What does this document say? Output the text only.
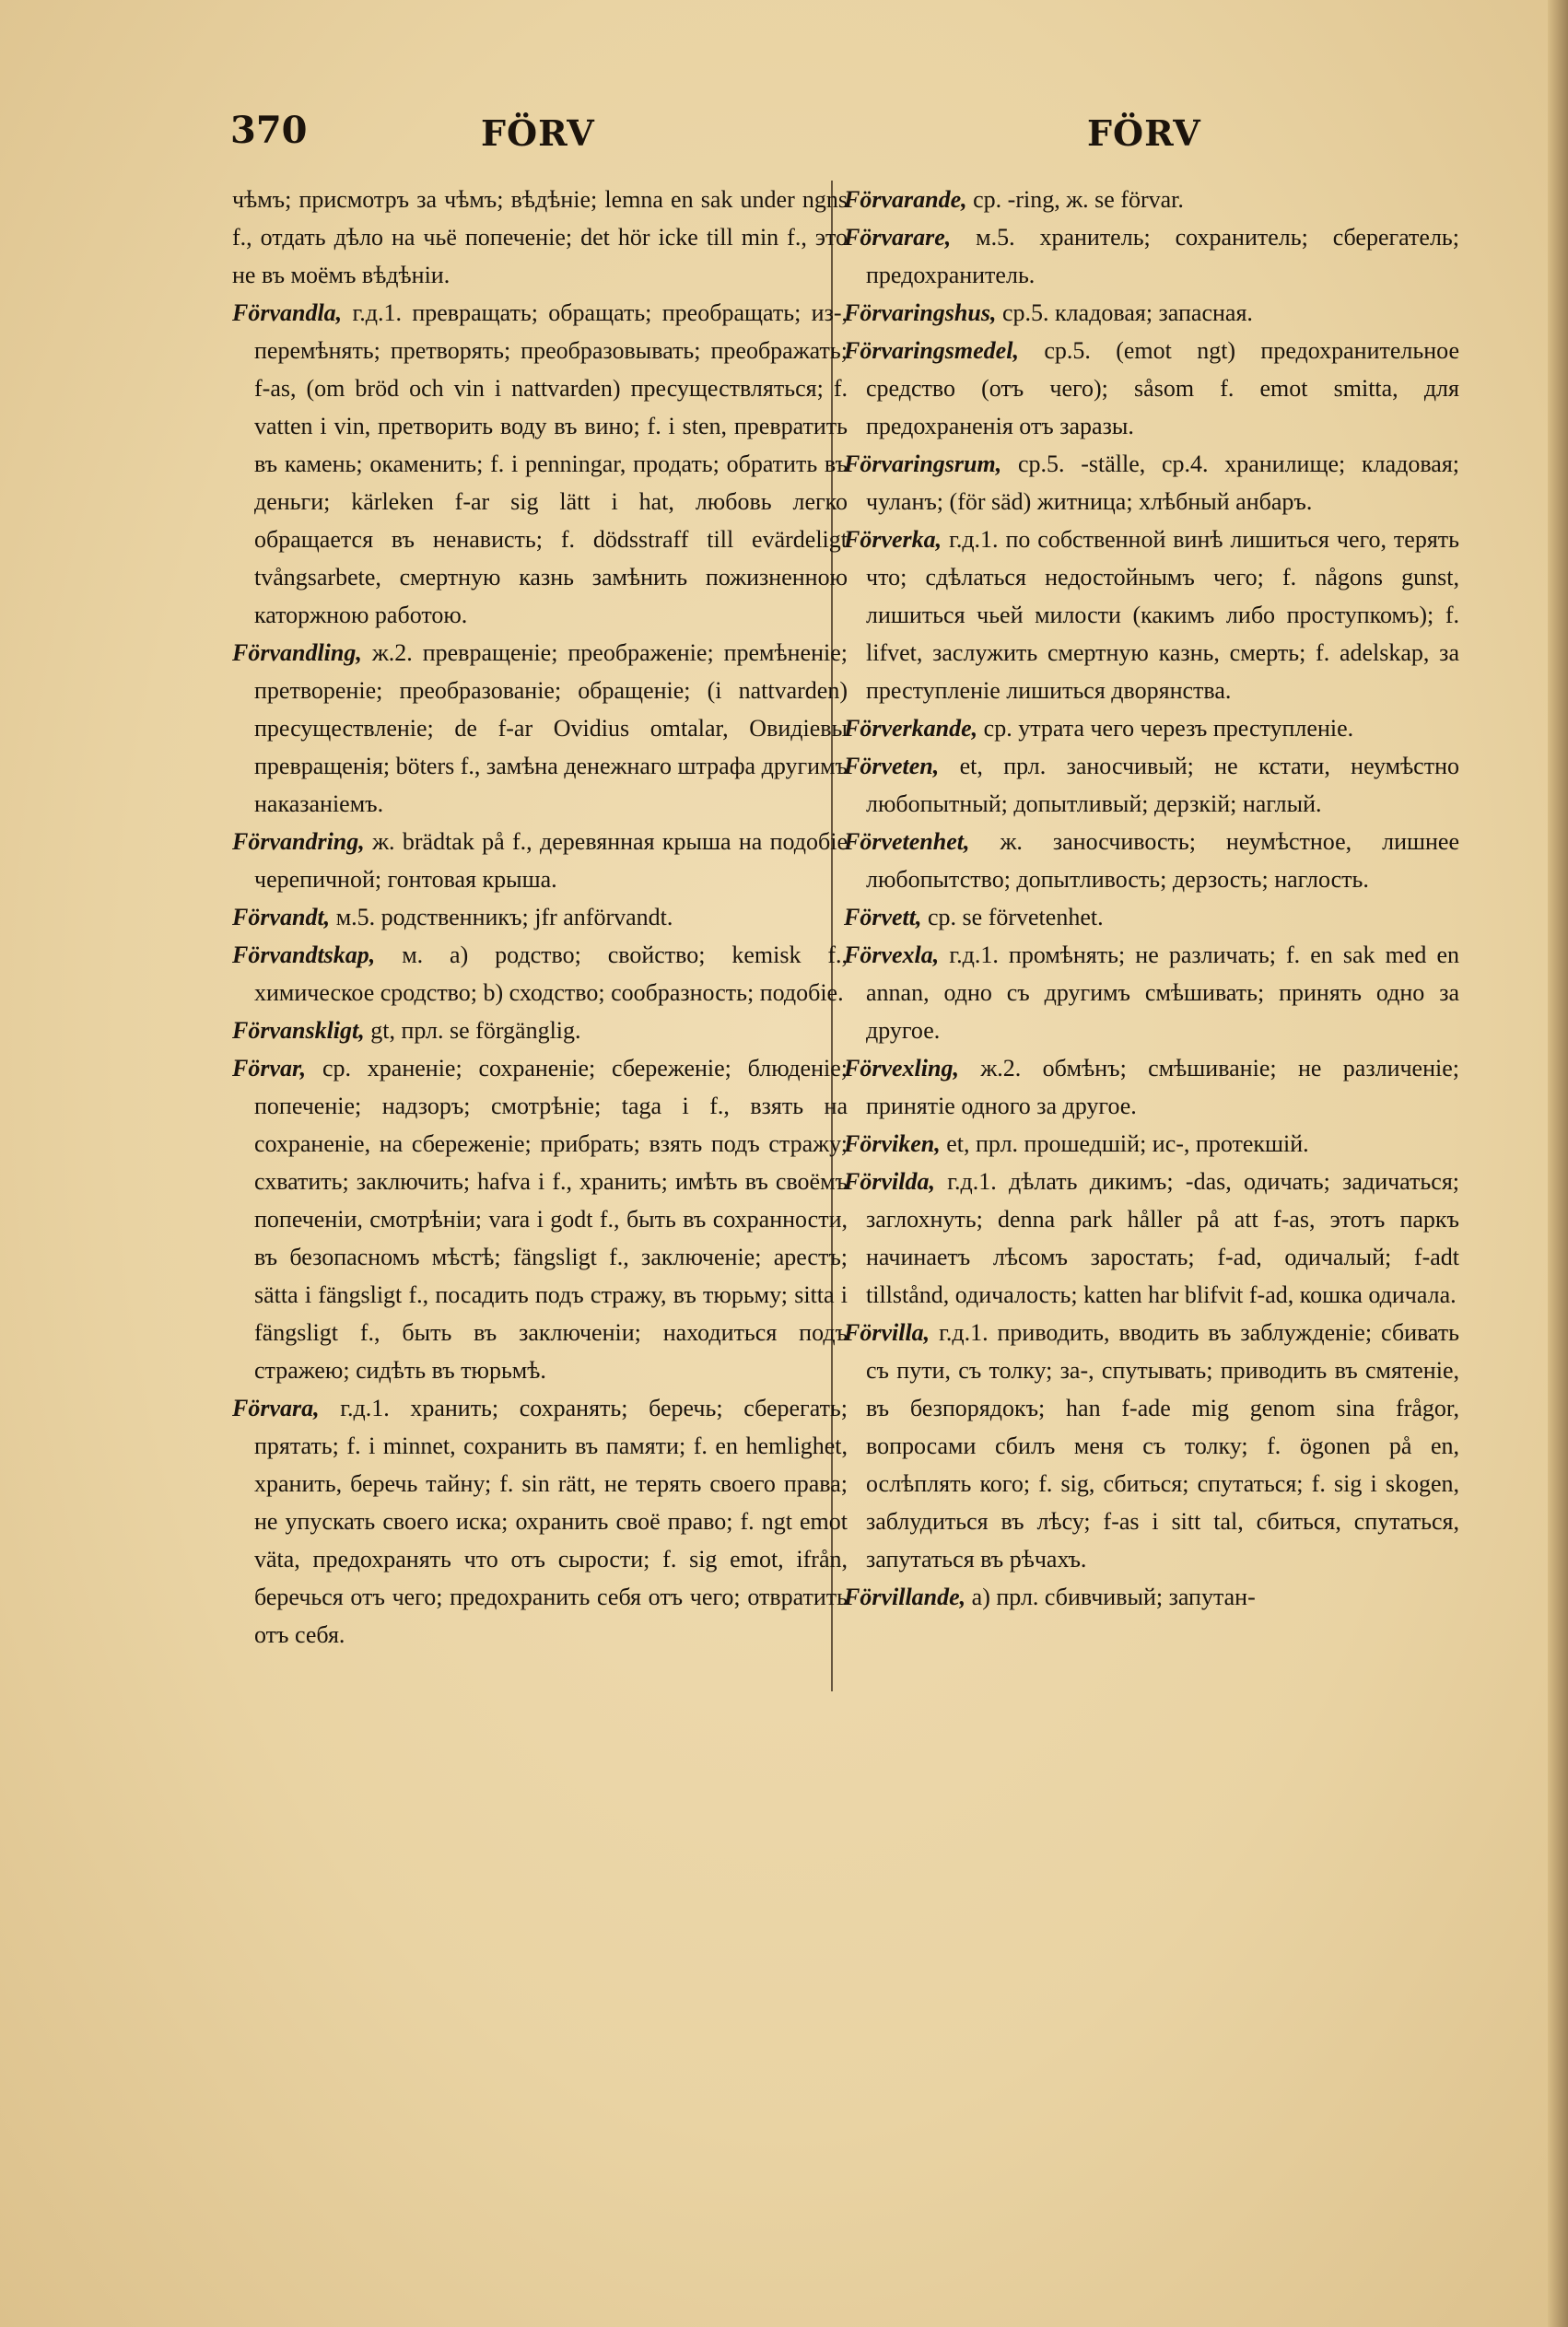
370	FÖRV	FÖRV

чѣмъ; присмотръ за чѣмъ; вѣдѣніе; lemna en sak under ngns f., отдать дѣло на чьё попеченіе; det hör icke till min f., это не въ моёмъ вѣдѣніи.

Förvandla, г.д.1. превращать; обращать; преобращать; из-, перемѣнять; претворять; преобразовывать; преображать; f-as, (om bröd och vin i nattvarden) пресуществляться; f. vatten i vin, претворить воду въ вино; f. i sten, превратить въ камень; окаменить; f. i penningar, продать; обратить въ деньги; kärleken f-ar sig lätt i hat, любовь легко обращается въ ненависть; f. dödsstraff till evärdeligt tvångsarbete, смертную казнь замѣнить пожизненною каторжною работою.

Förvandling, ж.2. превращеніе; преображеніе; премѣненіе; претвореніе; преобразованіе; обращеніе; (i nattvarden) пресуществленіе; de f-ar Ovidius omtalar, Овидіевы превращенія; böters f., замѣна денежнаго штрафа другимъ наказаніемъ.

Förvandring, ж. brädtak på f., деревянная крыша на подобіе черепичной; гонтовая крыша.

Förvandt, м.5. родственникъ; jfr anförvandt.

Förvandtskap, м. a) родство; свойство; kemisk f., химическое сродство; b) сходство; сообразность; подобіе.

Förvanskligt, gt, прл. se förgänglig.

Förvar, ср. храненіе; сохраненіе; сбереженіе; блюденіе; попеченіе; надзоръ; смотрѣніе; taga i f., взять на сохраненіе, на сбереженіе; прибрать; взять подъ стражу; схватить; заключить; hafva i f., хранить; имѣть въ своёмъ попеченіи, смотрѣніи; vara i godt f., быть въ сохранности, въ безопасномъ мѣстѣ; fängsligt f., заключеніе; арестъ; sätta i fängsligt f., посадить подъ стражу, въ тюрьму; sitta i fängsligt f., быть въ заключеніи; находиться подъ стражею; сидѣть въ тюрьмѣ.

Förvara, г.д.1. хранить; сохранять; беречь; сберегать; прятать; f. i minnet, сохранить въ памяти; f. en hemlighet, хранить, беречь тайну; f. sin rätt, не терять своего права; не упускать своего иска; охранить своё право; f. ngt emot väta, предохранять что отъ сырости; f. sig emot, ifrån, беречься отъ чего; предохранить себя отъ чего; отвратить отъ себя.

Förvarande, ср. -ring, ж. se förvar.

Förvarare, м.5. хранитель; сохранитель; сберегатель; предохранитель.

Förvaringshus, ср.5. кладовая; запасная.

Förvaringsmedel, ср.5. (emot ngt) предохранительное средство (отъ чего); såsom f. emot smitta, для предохраненія отъ заразы.

Förvaringsrum, ср.5. -ställe, ср.4. хранилище; кладовая; чуланъ; (för säd) житница; хлѣбный анбаръ.

Förverka, г.д.1. по собственной винѣ лишиться чего, терять что; сдѣлаться недостойнымъ чего; f. någons gunst, лишиться чьей милости (какимъ либо проступкомъ); f. lifvet, заслужить смертную казнь, смерть; f. adelskap, за преступленіе лишиться дворянства.

Förverkande, ср. утрата чего черезъ преступленіе.

Förveten, et, прл. заносчивый; не кстати, неумѣстно любопытный; допытливый; дерзкій; наглый.

Förvetenhet, ж. заносчивость; неумѣстное, лишнее любопытство; допытливость; дерзость; наглость.

Förvett, ср. se förvetenhet.

Förvexla, г.д.1. промѣнять; не различать; f. en sak med en annan, одно съ другимъ смѣшивать; принять одно за другое.

Förvexling, ж.2. обмѣнъ; смѣшиваніе; не различеніе; принятіе одного за другое.

Förviken, et, прл. прошедшій; ис-, протекшій.

Förvilda, г.д.1. дѣлать дикимъ; -das, одичать; задичаться; заглохнуть; denna park håller på att f-as, этотъ паркъ начинаетъ лѣсомъ заростать; f-ad, одичалый; f-adt tillstånd, одичалость; katten har blifvit f-ad, кошка одичала.

Förvilla, г.д.1. приводить, вводить въ заблужденіе; сбивать съ пути, съ толку; за-, спутывать; приводить въ смятеніе, въ безпорядокъ; han f-ade mig genom sina frågor, вопросами сбилъ меня съ толку; f. ögonen på en, ослѣплять кого; f. sig, сбиться; спутаться; f. sig i skogen, заблудиться въ лѣсу; f-as i sitt tal, сбиться, спутаться, запутаться въ рѣчахъ.

Förvillande, a) прл. сбивчивый; запутан-
